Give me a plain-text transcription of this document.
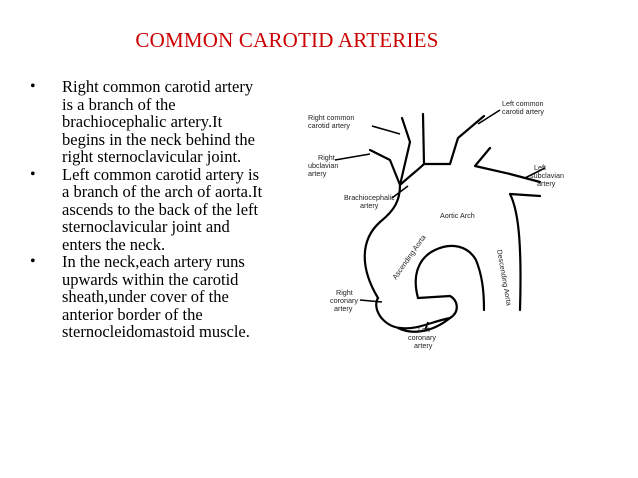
COMMON CAROTID ARTERIES
• Right common carotid artery
is a branch of the
brachiocephalic artery.It
begins in the neck behind the
right sternoclavicular joint.
• Left common carotid artery is
a branch of the arch of aorta.It
ascends to the back of the left
sternoclavicular joint and
enters the neck.
• In the neck,each artery runs
upwards within the carotid
sheath,under cover of the
anterior border of the
sternocleidomastoid muscle.
Right common
carotid artery
Left common
carotid artery
Right
ubclavian
artery
Left
subclavian
artery
Brachiocephalic
artery
Aortic Arch
Ascending Aorta	Descending Aorta
Right
coronary
artery
Left
coronary
artery
